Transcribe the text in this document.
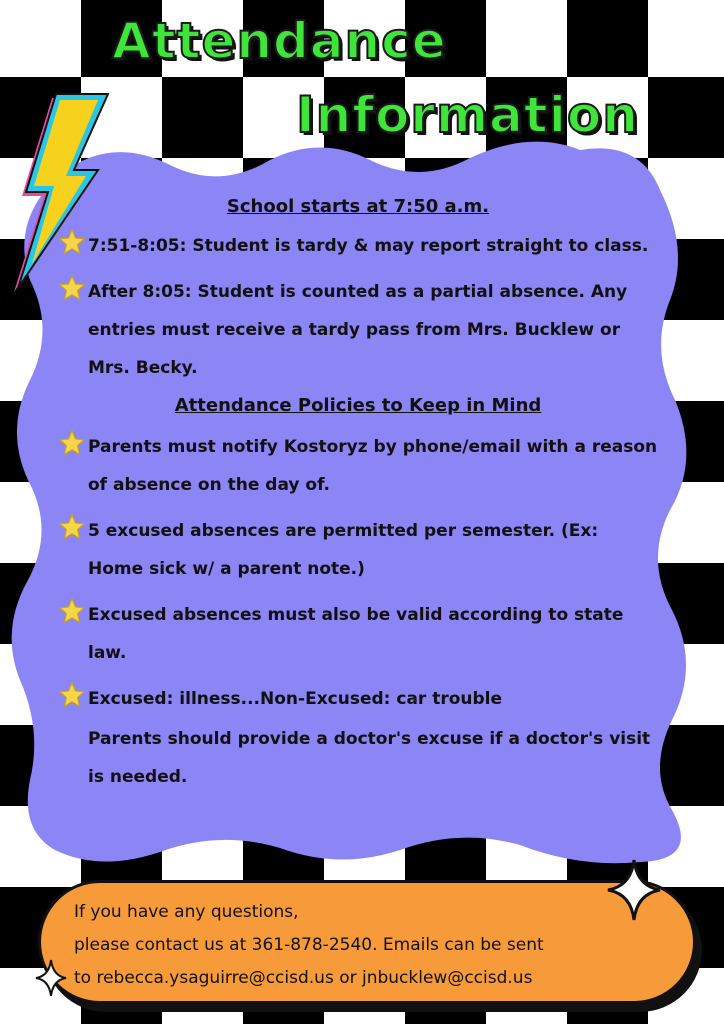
Attendance
Information

School starts at 7:50 a.m.

7:51-8:05: Student is tardy & may report straight to class.
After 8:05: Student is counted as a partial absence. Any entries must receive a tardy pass from Mrs. Bucklew or Mrs. Becky.

Attendance Policies to Keep in Mind

Parents must notify Kostoryz by phone/email with a reason of absence on the day of.
5 excused absences are permitted per semester. (Ex: Home sick w/ a parent note.)
Excused absences must also be valid according to state law.
Excused: illness...Non-Excused: car trouble

Parents should provide a doctor's excuse if a doctor's visit is needed.

If you have any questions,
please contact us at 361-878-2540. Emails can be sent
to rebecca.ysaguirre@ccisd.us or jnbucklew@ccisd.us
